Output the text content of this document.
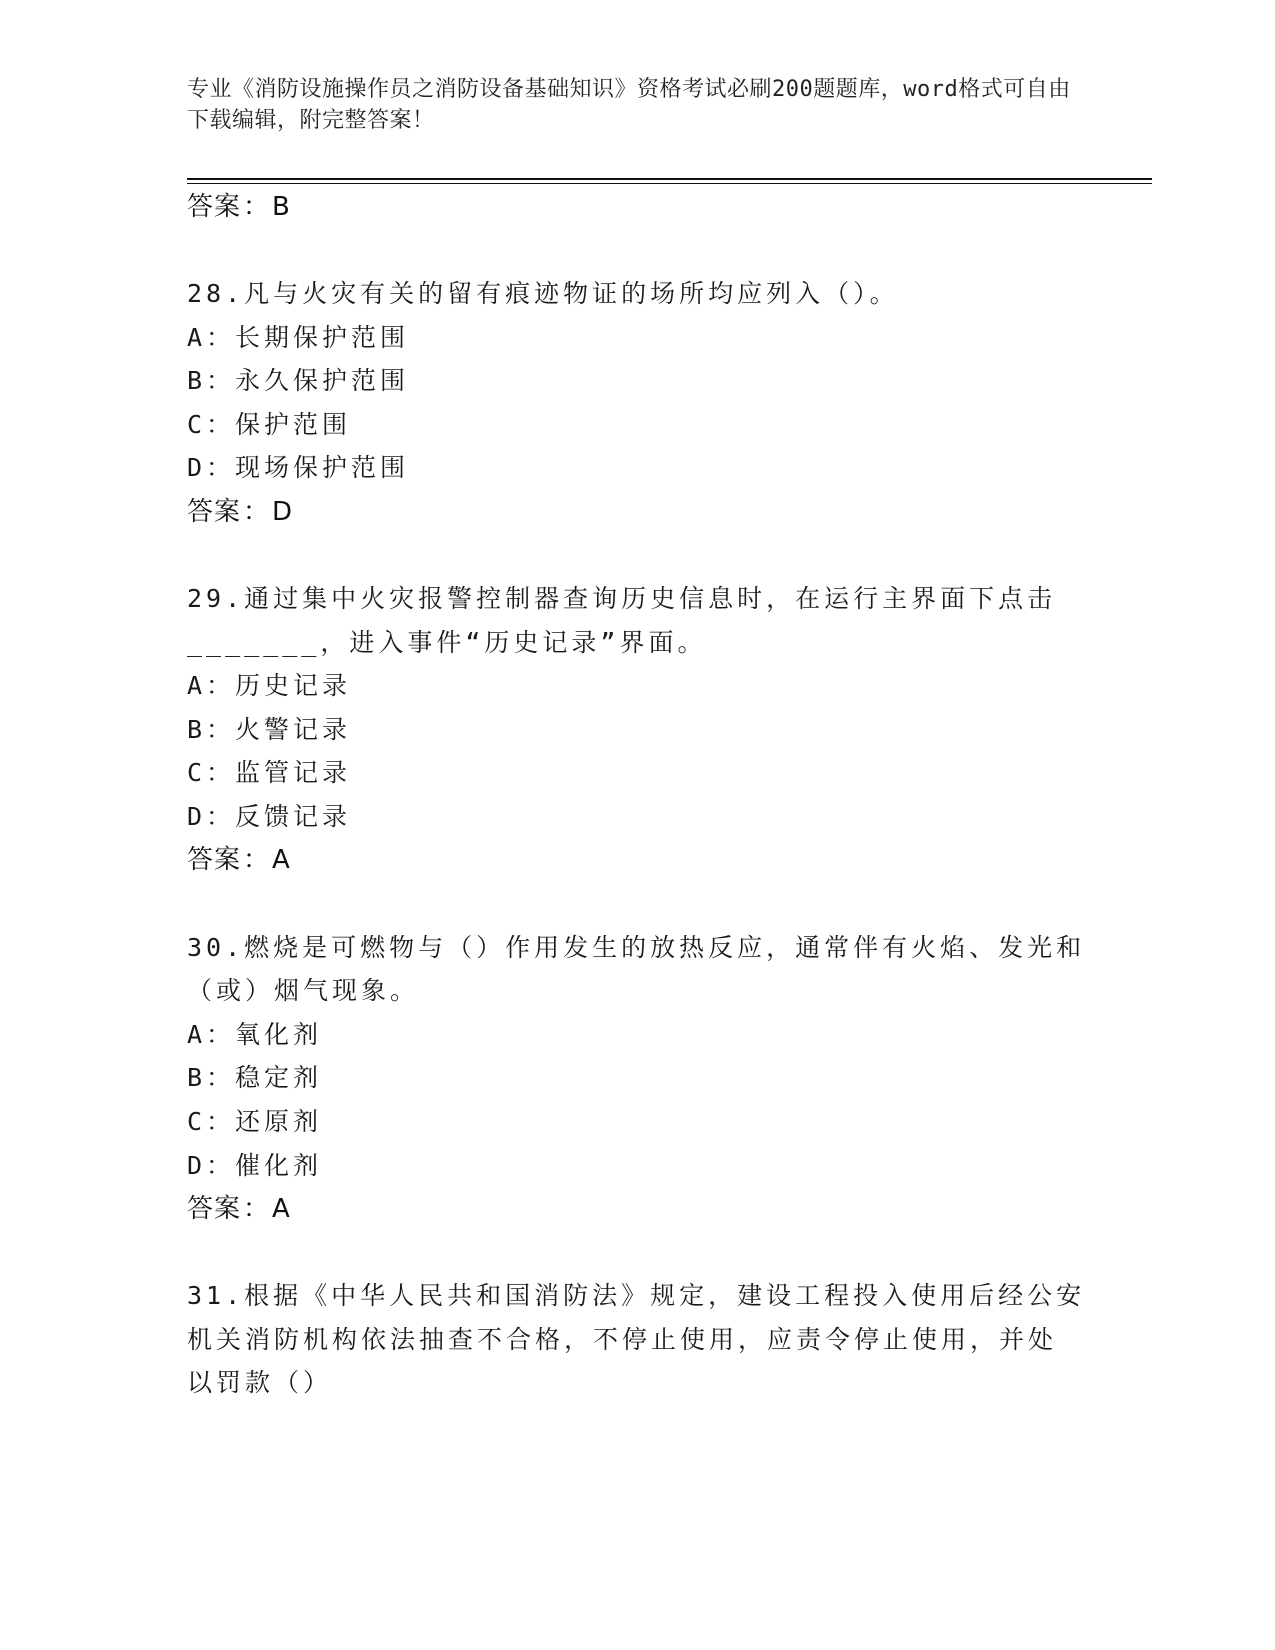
专业《消防设施操作员之消防设备基础知识》资格考试必刷200题题库，word格式可自由下载编辑，附完整答案！
答案：B
28.凡与火灾有关的留有痕迹物证的场所均应列入（）。
A：长期保护范围
B：永久保护范围
C：保护范围
D：现场保护范围
答案：D
29.通过集中火灾报警控制器查询历史信息时，在运行主界面下点击
_______，进入事件“历史记录”界面。
A：历史记录
B：火警记录
C：监管记录
D：反馈记录
答案：A
30.燃烧是可燃物与（）作用发生的放热反应，通常伴有火焰、发光和
（或）烟气现象。
A：氧化剂
B：稳定剂
C：还原剂
D：催化剂
答案：A
31.根据《中华人民共和国消防法》规定，建设工程投入使用后经公安
机关消防机构依法抽查不合格，不停止使用，应责令停止使用，并处
以罚款（）
